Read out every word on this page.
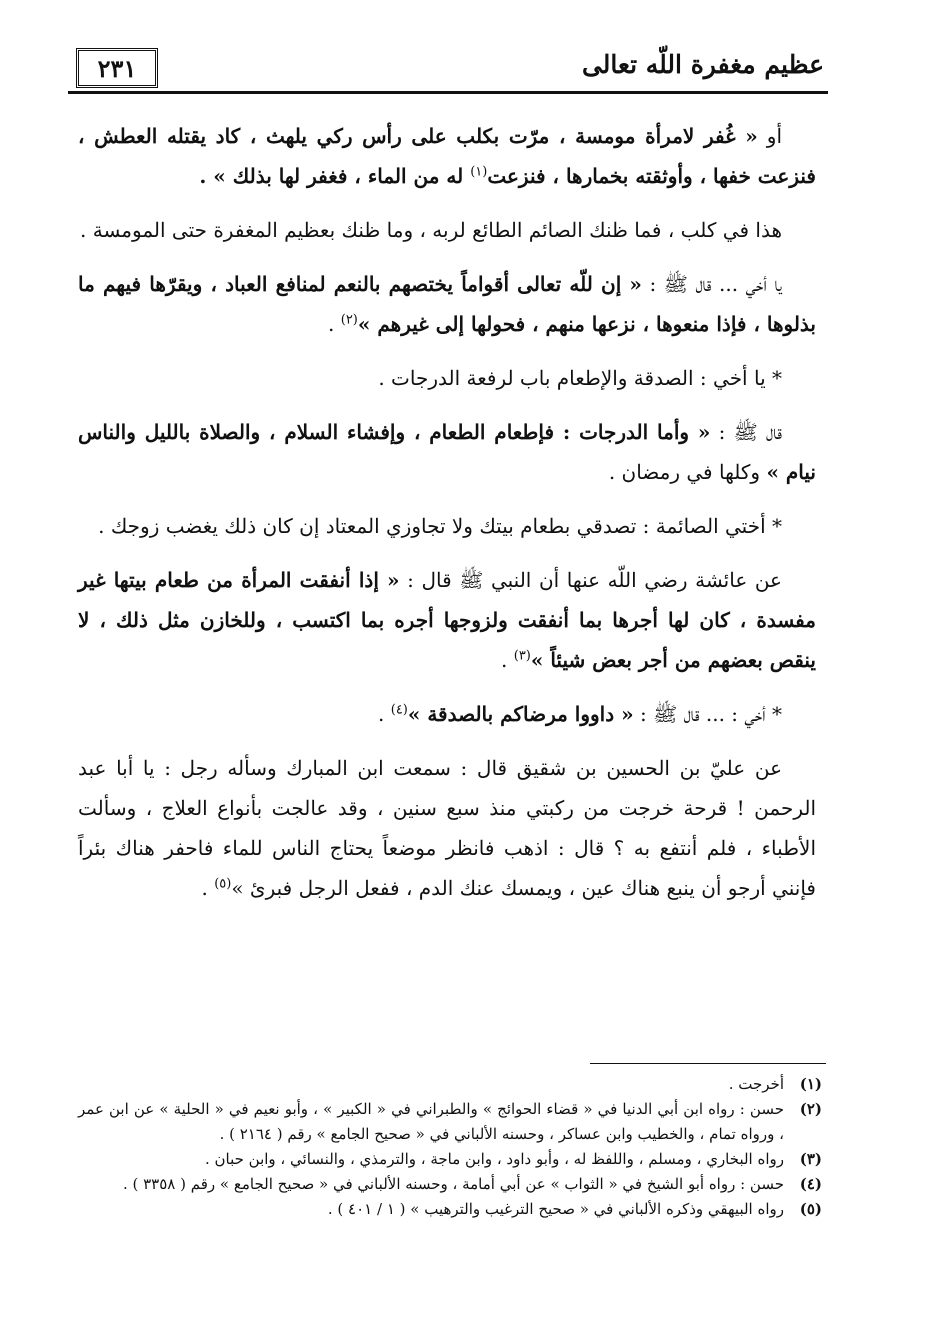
٢٣١	عظيم مغفرة اللّه تعالى

أو « غُفر لامرأة مومسة ، مرّت بكلب على رأس ركي يلهث ، كاد يقتله العطش ، فنزعت خفها ، وأوثقته بخمارها ، فنزعت$^{(١)}$ له من الماء ، فغفر لها بذلك » .

هذا في كلب ، فما ظنك الصائم الطائع لربه ، وما ظنك بعظيم المغفرة حتى المومسة .

يا أخي ... قال ﷺ : « إن للّه تعالى أقواماً يختصهم بالنعم لمنافع العباد ، ويقرّها فيهم ما بذلوها ، فإذا منعوها ، نزعها منهم ، فحولها إلى غيرهم »$^{(٢)}$ .

* يا أخي : الصدقة والإطعام باب لرفعة الدرجات .

قال ﷺ : « وأما الدرجات : فإطعام الطعام ، وإفشاء السلام ، والصلاة بالليل والناس نيام » وكلها في رمضان .

* أختي الصائمة : تصدقي بطعام بيتك ولا تجاوزي المعتاد إن كان ذلك يغضب زوجك .

عن عائشة رضي اللّه عنها أن النبي ﷺ قال : « إذا أنفقت المرأة من طعام بيتها غير مفسدة ، كان لها أجرها بما أنفقت ولزوجها أجره بما اكتسب ، وللخازن مثل ذلك ، لا ينقص بعضهم من أجر بعض شيئاً »$^{(٣)}$ .

* أخي : ... قال ﷺ : « داووا مرضاكم بالصدقة »$^{(٤)}$ .

عن عليّ بن الحسين بن شقيق قال : سمعت ابن المبارك وسأله رجل : يا أبا عبد الرحمن ! قرحة خرجت من ركبتي منذ سبع سنين ، وقد عالجت بأنواع العلاج ، وسألت الأطباء ، فلم أنتفع به ؟ قال : اذهب فانظر موضعاً يحتاج الناس للماء فاحفر هناك بئراً فإنني أرجو أن ينبع هناك عين ، ويمسك عنك الدم ، ففعل الرجل فبرئ »$^{(٥)}$ .

(١)
أخرجت .
(٢)
حسن : رواه ابن أبي الدنيا في « قضاء الحوائج » والطبراني في « الكبير » ، وأبو نعيم في « الحلية » عن ابن عمر ، ورواه تمام ، والخطيب وابن عساكر ، وحسنه الألباني في « صحيح الجامع » رقم ( ٢١٦٤ ) .
(٣)
رواه البخاري ، ومسلم ، واللفظ له ، وأبو داود ، وابن ماجة ، والترمذي ، والنسائي ، وابن حبان .
(٤)
حسن : رواه أبو الشيخ في « الثواب » عن أبي أمامة ، وحسنه الألباني في « صحيح الجامع » رقم ( ٣٣٥٨ ) .
(٥)
رواه البيهقي وذكره الألباني في « صحيح الترغيب والترهيب » ( ١ / ٤٠١ ) .
